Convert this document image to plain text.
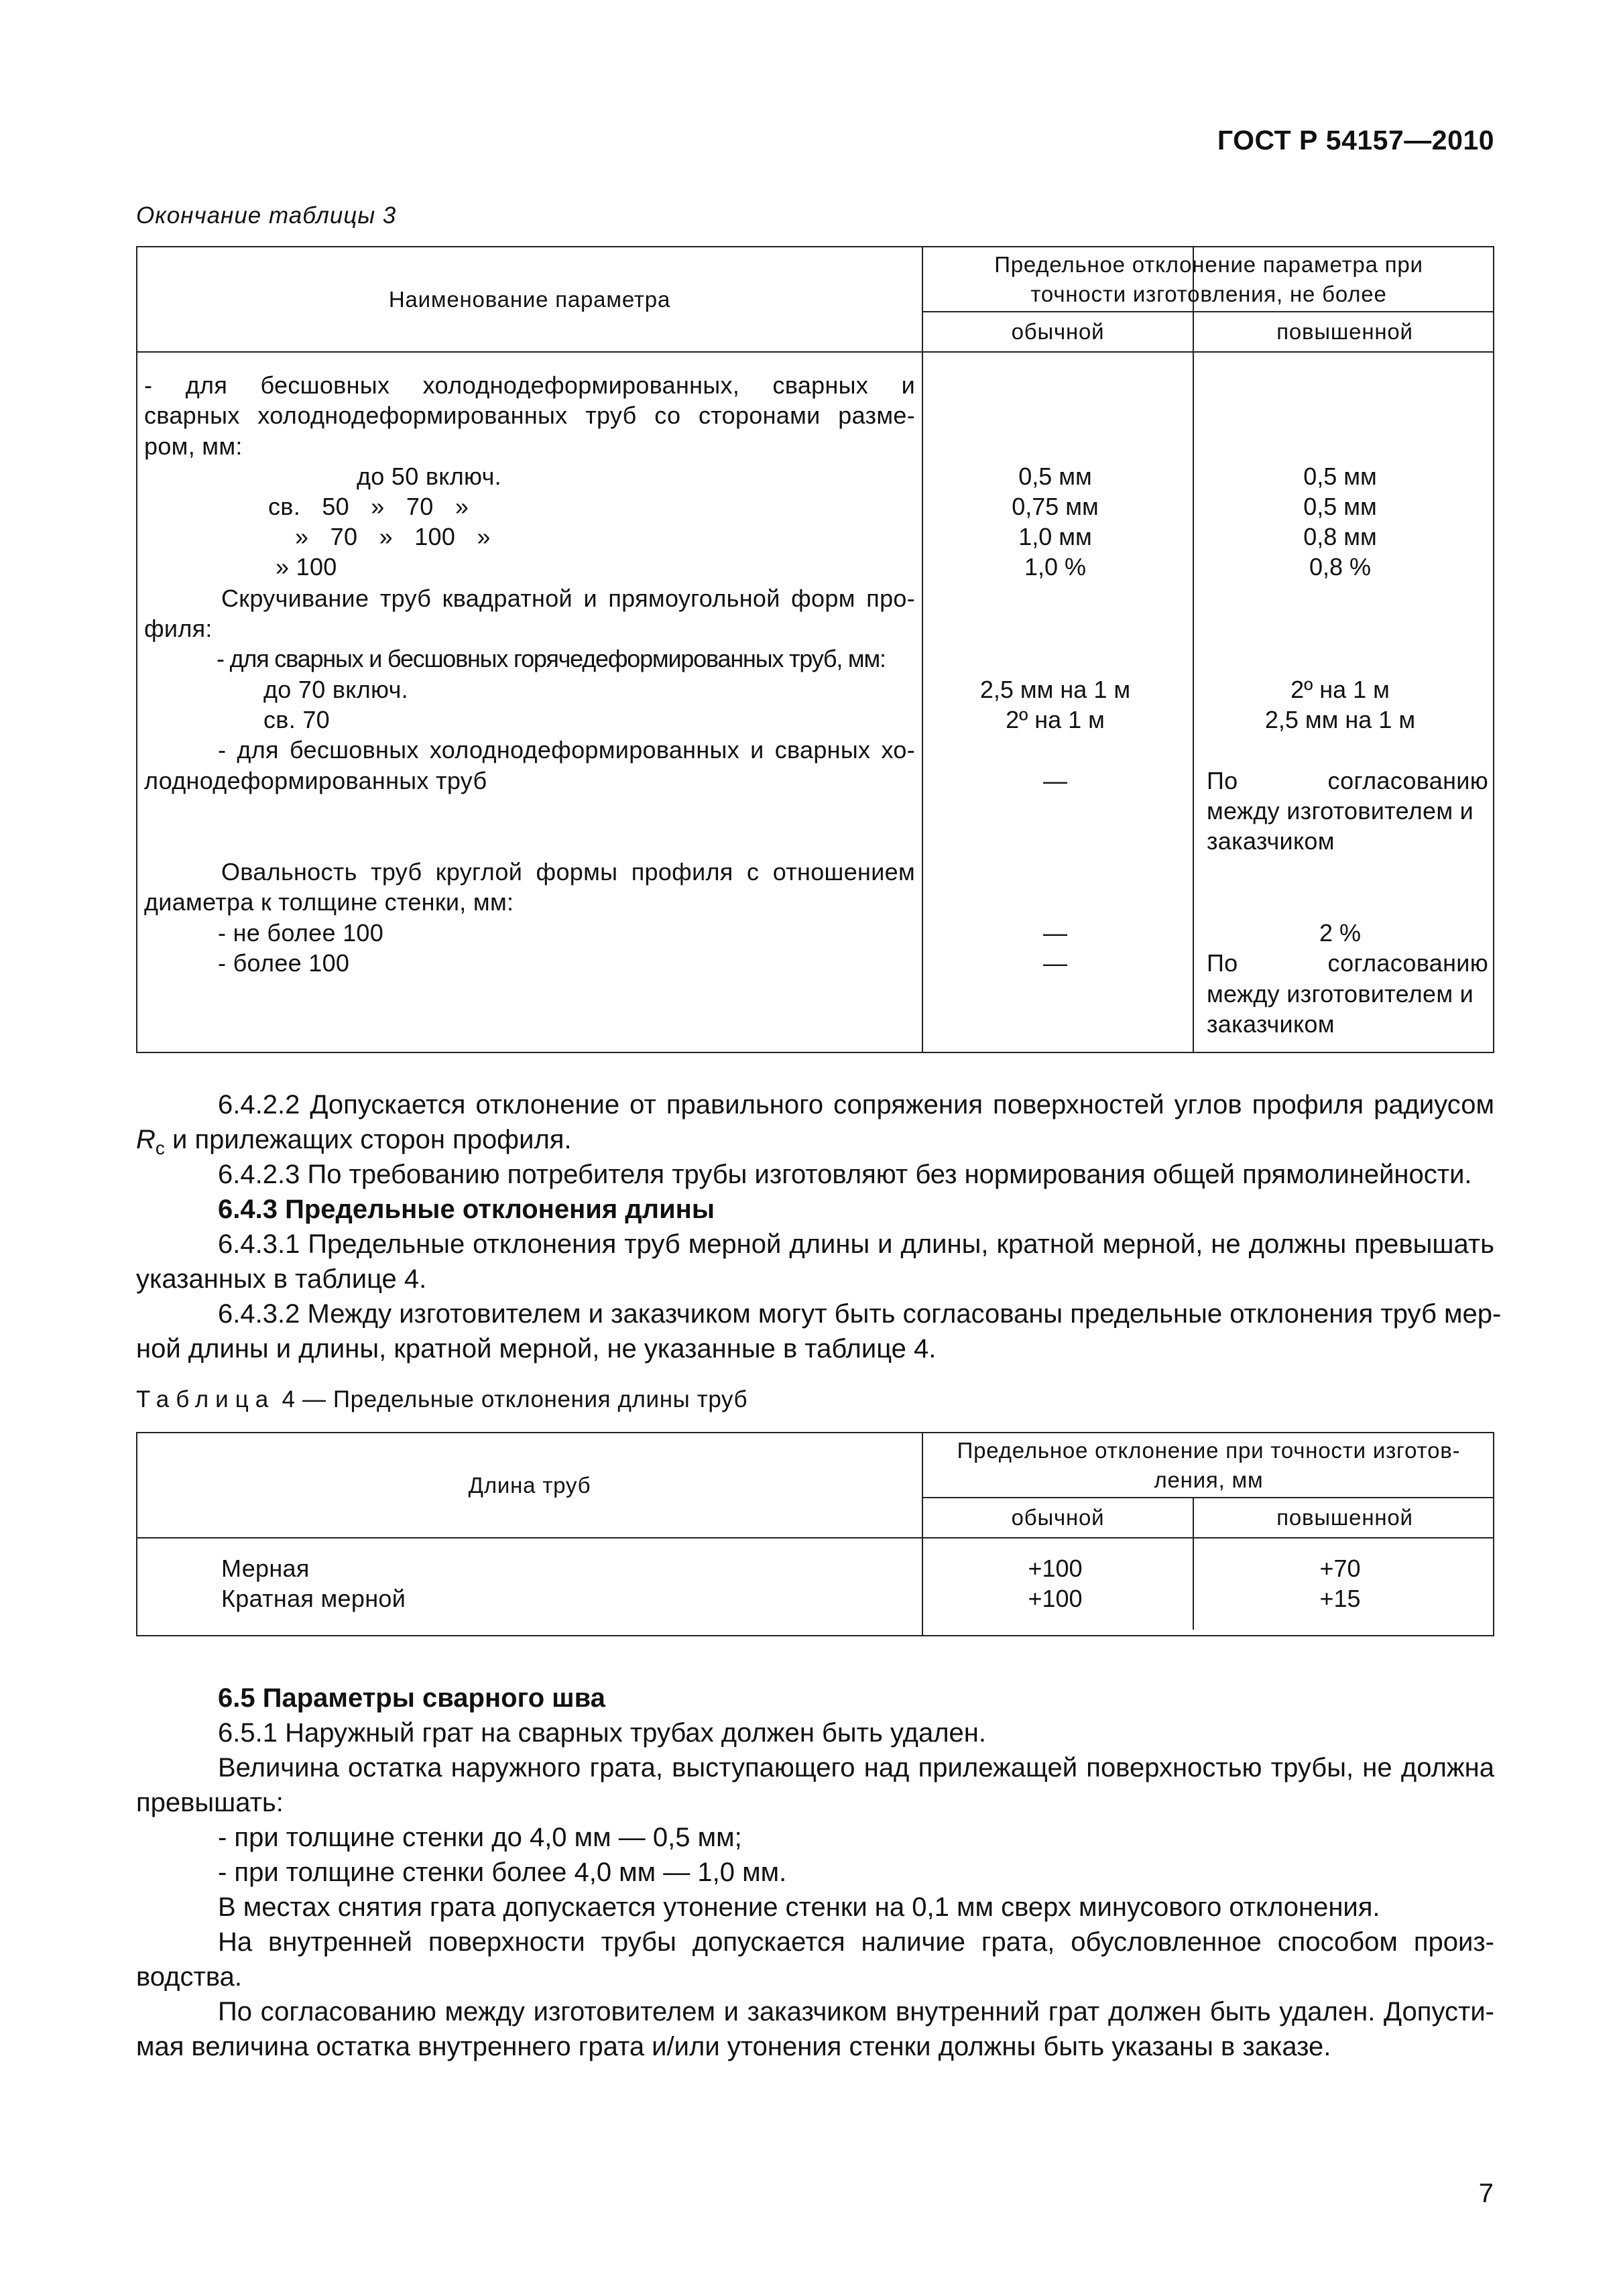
ГОСТ Р 54157—2010
Окончание таблицы 3
Наименование параметра
Предельное отклонение параметра при
точности изготовления, не более
обычной	повышенной
- для бесшовных холоднодеформированных, сварных и
сварных холоднодеформированных труб со сторонами разме-
ром, мм:
до 50 включ.	0,5 мм	0,5 мм
св. 50 » 70 »	0,75 мм	0,5 мм
» 70 » 100 »	1,0 мм	0,8 мм
» 100	1,0 %	0,8 %
Скручивание труб квадратной и прямоугольной форм про-
филя:
- для сварных и бесшовных горячедеформированных труб, мм:
до 70 включ.	2,5 мм на 1 м	2º на 1 м
св. 70	2º на 1 м	2,5 мм на 1 м
- для бесшовных холоднодеформированных и сварных хо-
лоднодеформированных труб	—	По согласованию
между изготовителем и
заказчиком
Овальность труб круглой формы профиля с отношением
диаметра к толщине стенки, мм:
- не более 100	—	2 %
- более 100	—	По согласованию
между изготовителем и
заказчиком
6.4.2.2 Допускается отклонение от правильного сопряжения поверхностей углов профиля радиусом
$R_c$ и прилежащих сторон профиля.
6.4.2.3 По требованию потребителя трубы изготовляют без нормирования общей прямолинейности.
6.4.3 Предельные отклонения длины
6.4.3.1 Предельные отклонения труб мерной длины и длины, кратной мерной, не должны превышать
указанных в таблице 4.
6.4.3.2 Между изготовителем и заказчиком могут быть согласованы предельные отклонения труб мер-
ной длины и длины, кратной мерной, не указанные в таблице 4.
Таблица 4 — Предельные отклонения длины труб
Длина труб
Предельное отклонение при точности изготов-
ления, мм
обычной	повышенной
Мерная	+100	+70
Кратная мерной	+100	+15
6.5 Параметры сварного шва
6.5.1 Наружный грат на сварных трубах должен быть удален.
Величина остатка наружного грата, выступающего над прилежащей поверхностью трубы, не должна
превышать:
- при толщине стенки до 4,0 мм — 0,5 мм;
- при толщине стенки более 4,0 мм — 1,0 мм.
В местах снятия грата допускается утонение стенки на 0,1 мм сверх минусового отклонения.
На внутренней поверхности трубы допускается наличие грата, обусловленное способом произ-
водства.
По согласованию между изготовителем и заказчиком внутренний грат должен быть удален. Допусти-
мая величина остатка внутреннего грата и/или утонения стенки должны быть указаны в заказе.
7
